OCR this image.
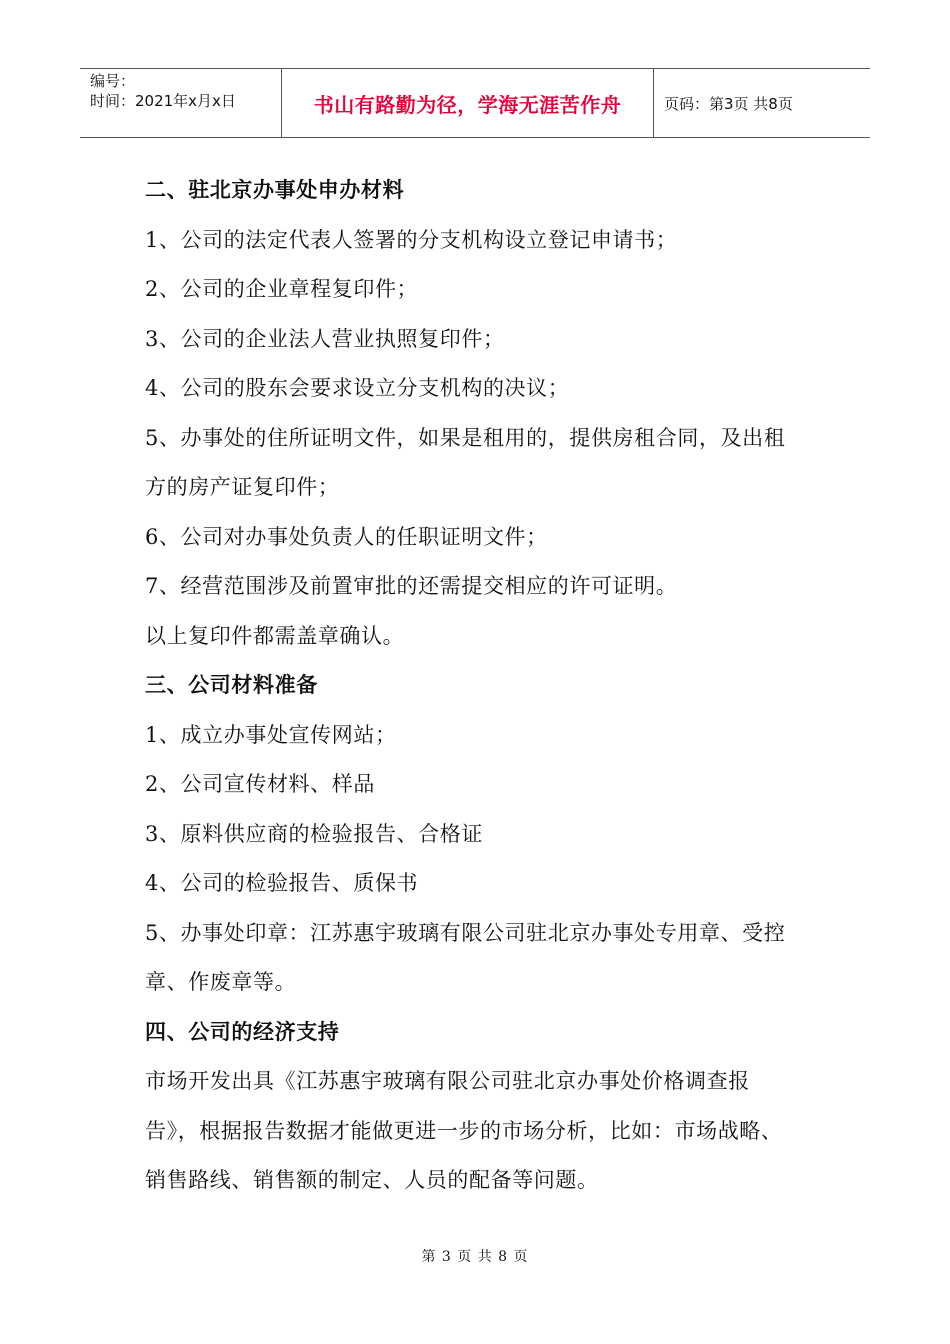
编号：
时间：2021年x月x日	书山有路勤为径，学海无涯苦作舟	页码：第3页 共8页
二、驻北京办事处申办材料
1、公司的法定代表人签署的分支机构设立登记申请书；
2、公司的企业章程复印件；
3、公司的企业法人营业执照复印件；
4、公司的股东会要求设立分支机构的决议；
5、办事处的住所证明文件，如果是租用的，提供房租合同，及出租
方的房产证复印件；
6、公司对办事处负责人的任职证明文件；
7、经营范围涉及前置审批的还需提交相应的许可证明。
以上复印件都需盖章确认。
三、公司材料准备
1、成立办事处宣传网站；
2、公司宣传材料、样品
3、原料供应商的检验报告、合格证
4、公司的检验报告、质保书
5、办事处印章：江苏惠宇玻璃有限公司驻北京办事处专用章、受控
章、作废章等。
四、公司的经济支持
市场开发出具《江苏惠宇玻璃有限公司驻北京办事处价格调查报
告》，根据报告数据才能做更进一步的市场分析，比如：市场战略、
销售路线、销售额的制定、人员的配备等问题。
第 3 页 共 8 页
